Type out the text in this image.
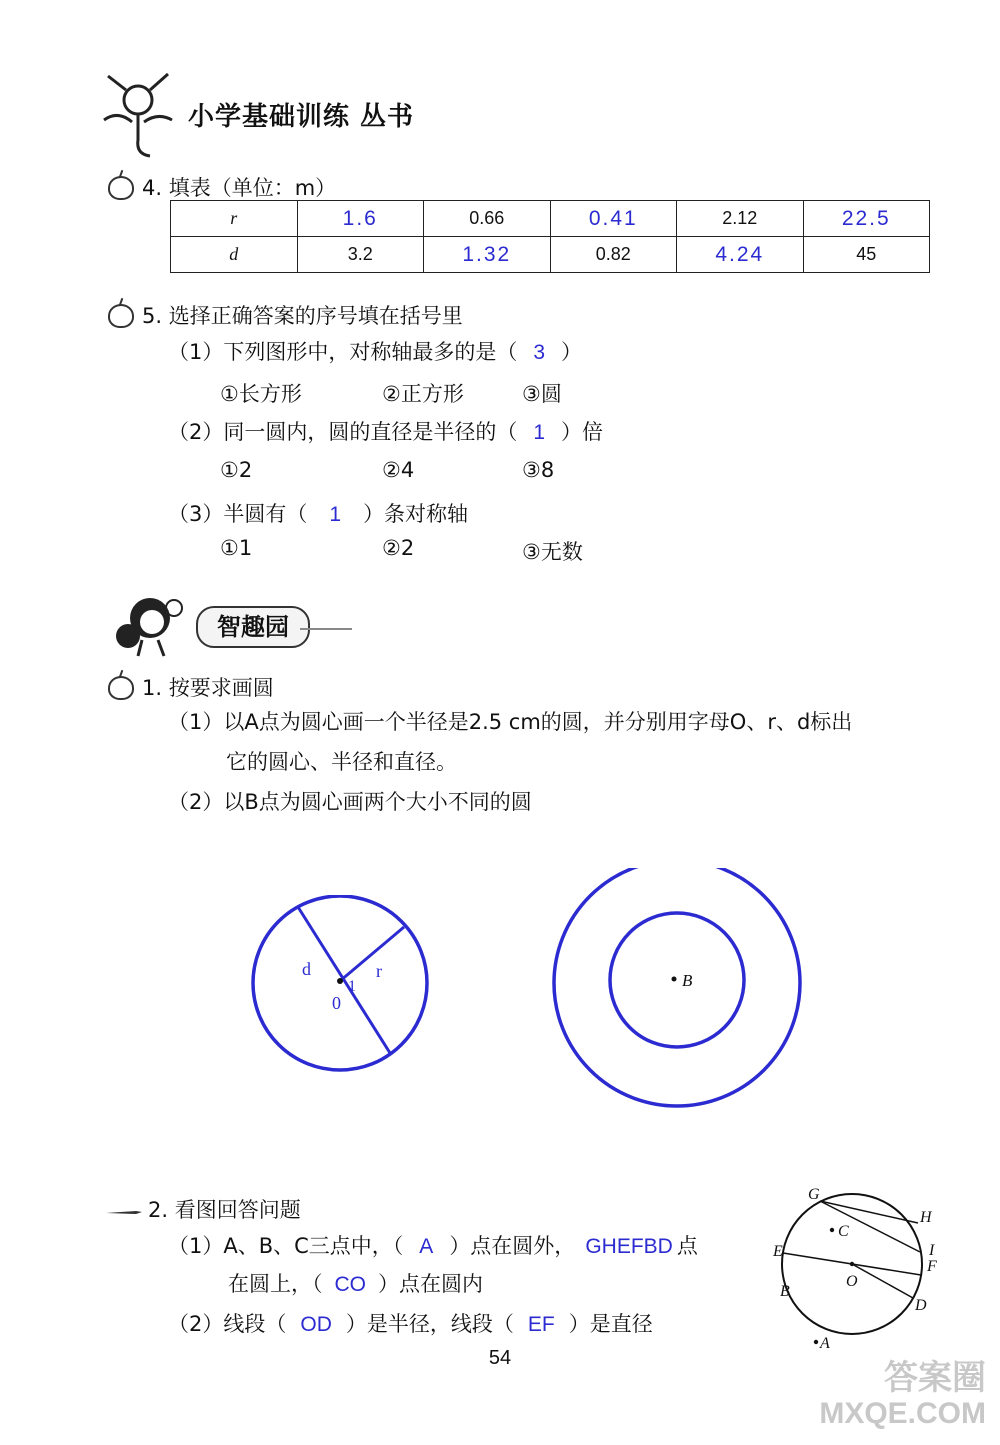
小学基础训练 丛书
4. 填表（单位：m）
r	1.6	0.66	0.41	2.12	22.5
d	3.2	1.32	0.82	4.24	45
5. 选择正确答案的序号填在括号里
（1）下列图形中，对称轴最多的是（ 3 ）
①长方形	②正方形	③圆
（2）同一圆内，圆的直径是半径的（ 1 ）倍
①2	②4	③8
（3）半圆有（ 1 ）条对称轴
①1	②2	③无数
智趣园
1. 按要求画圆
（1）以A点为圆心画一个半径是2.5 cm的圆，并分别用字母O、r、d标出
它的圆心、半径和直径。
（2）以B点为圆心画两个大小不同的圆
d	r
1
0
B
2. 看图回答问题
（1）A、B、C三点中，（ A ）点在圆外， GHEFBD 点
在圆上，（ CO ）点在圆内
（2）线段（ OD ）是半径，线段（ EF ）是直径
G
H
C
I
E
O
F
B
D
A
54
答案圈
MXQE.COM
